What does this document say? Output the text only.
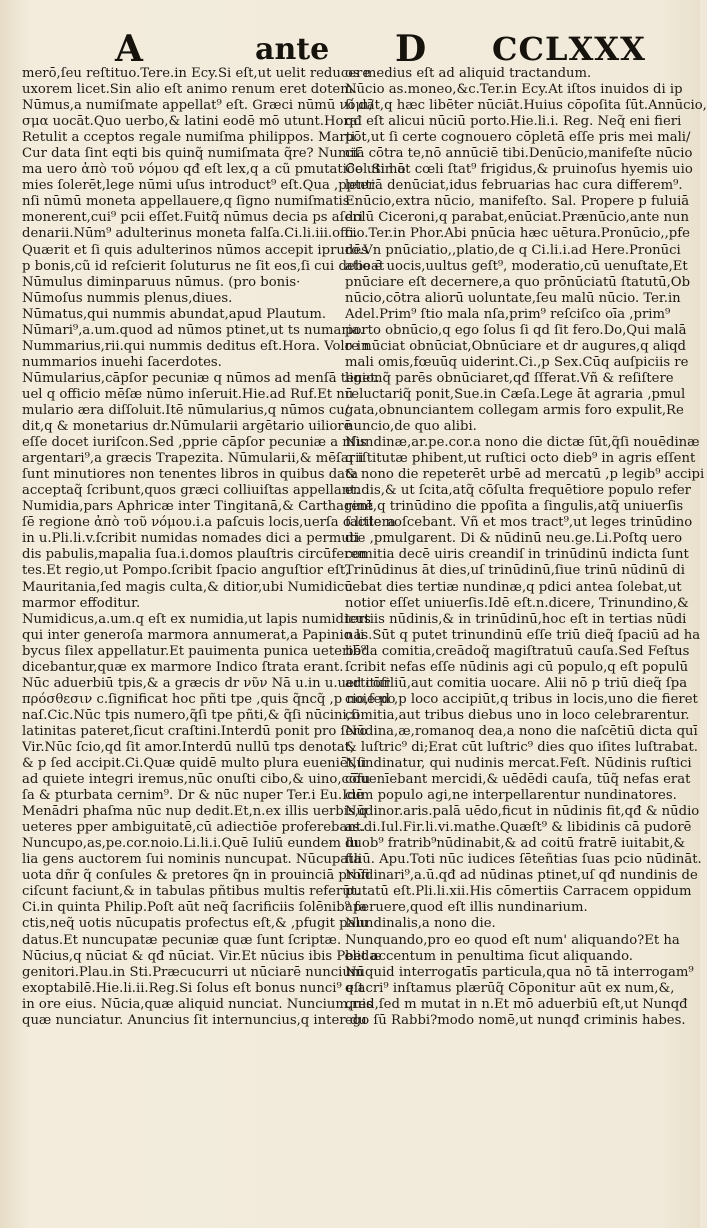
A	ante D CCLXXX
merō,ſeu reſtituo.Tere.in Ecy.Si eſt,ut uelit reducere
uxorem licet.Sin alio eſt animo renum eret dotem.
Nūmus,a numiſmate appellat⁹ eſt. Græci nūmū νόμι/
σμα uocāt.Quo uerbo,& latini eodē mō utunt.Hora.
Retulit a cceptos regale numiſma philippos. Marti.
Cur data ſint eqti bis quinq̃ numiſmata q̃re? Numiſ
ma uero ἀπὸ τοῦ νόμου qđ eſt lex,q a cũ pmutatiōe uti ho
mies ſolerēt,lege nūmi uſus introduct⁹ eſt.Qua ,ppter
nſi nūmū moneta appellauere,q ſigno numiſmatis
monerent,cui⁹ pcii eſſet.Fuitq̃ nūmus decia ps aſeri
denarii.Nūm⁹ adulterinus moneta falſa.Ci.li.iii.offi.
Quærit et ſi quis adulterinos nūmos accepit iprudēs
p bonis,cũ id reſcierit ſoluturus ne ſit eos,ſi cui debeat
Nūmulus diminparuus nūmus. (pro bonis·
Nūmoſus nummis plenus,diues.
Nūmatus,qui nummis abundat,apud Plautum.
Nūmari⁹,a.um.quod ad nūmos ptinet,ut ts numaria.
Nummarius,rii.qui nummis deditus eſt.Hora. Volo in
nummarios inuehi ſacerdotes.
Nūmularius,cāpſor pecuniæ q nūmos ad menſā tenet.
uel q officio mēſæ nūmo inſeruit.Hie.ad Ruf.Et nū
mulario æra diſſoluit.Itē nūmularius,q nūmos cu/
dit,q & monetarius dr.Nūmularii argētario uiliorē
eſſe docet iuriſcon.Sed ,pprie cāpſor pecuniæ a nſis
argentari⁹,a græcis Trapezita. Nūmularii,& mēſarii
ſunt minutiores non tenentes libros in quibus data
acceptaq̃ ſcribunt,quos græci colliuiſtas appellant.
Numidia,pars Aphricæ inter Tingitanā,& Carthaginē
ſē regione ἀπὸ τοῦ νόμου.i.a paſcuis locis,uerſa o.littera
in u.Pli.li.v.ſcribit numidas nomades dici a permuti
dis pabulis,mapalia ſua.i.domos plauſtris circūferen
tes.Et regio,ut Pompo.ſcribit ſpacio anguſtior eſt,
Mauritania,ſed magis culta,& ditior,ubi Numidicū
marmor effoditur.
Numidicus,a.um.q eſt ex numidia,ut lapis numidicus
qui inter generoſa marmora annumerat,a Papinio li
bycus ſilex appellatur.Et pauimenta punica ueterib⁹
dicebantur,quæ ex marmore Indico ſtrata erant.
Nūc aduerbiū tpis,& a græcis dr νῦν Nā u.in u.uertitur
πρόσθεσιν c.ſignificat hoc pñti tpe ,quis q̃ncq̃ ,p noie po
naſ.Cic.Nūc tpis numero,q̃ſi tpe pñti,& q̃ſi nūcini,ſi
latinitas pateret,ſicut craſtini.Interdū ponit pro ſero
Vir.Nūc ſcio,qd ſit amor.Interdū nullū tps denotat,
& p ſed accipit.Ci.Quæ quidē multo plura eueniēt,ſi
ad quiete integri iremus,nūc onuſti cibo,& uino,cōfu
ſa & pturbata cernim⁹. Dr & nūc nuper Ter.i Eu.Idē
Menādri phaſma nūc nup dedit.Et,n.ex illis uerbis,q
ueteres pper ambiguitatē,cū adiectiōe proferebant.
Nuncupo,as,pe.cor.noio.Li.li.i.Quē Iuliū eundem Iu
lia gens auctorem ſui nominis nuncupat. Nūcupata
uota dñr q̃ conſules & pretores q̃n in prouinciā profi
ciſcunt faciunt,& in tabulas pñtibus multis referūt.
Ci.in quinta Philip.Poſt aūt neq̃ ſacrificiis ſolēnib⁹ fa
ctis,neq̃ uotis nūcupatis profectus eſt,& ,pfugit palu
datus.Et nuncupatæ pecuniæ quæ ſunt ſcriptæ.
Nūcius,q nūciat & qđ nūciat. Vir.Et nūcius ibis Pelidæ
genitori.Plau.in Sti.Præcucurri ut nūciarē nuncium
exoptabilē.Hie.li.ii.Reg.Si ſolus eſt bonus nunci⁹ eſt
in ore eius. Nūcia,quæ aliquid nunciat. Nuncium,res
quæ nunciatur. Anuncius ſit internuncius,q inter du
os medius eſt ad aliquid tractandum.
Nūcio as.moneo,&c.Ter.in Ecy.At iſtos inuidos di ip
ſi dāt,q hæc libēter nūciāt.Huius cōpoſita ſūt.Annūcio,
qđ eſt alicui nūciū porto.Hie.li.i. Reg. Neq̃ eni fieri
pōt,ut ſi certe cognouero cōpletā eſſe pris mei mali/
ciā cōtra te,nō annūciē tibi.Denūcio,manifeſte nūcio
Col.Sin āt cœli ſtat⁹ frigidus,& pruinoſus hyemis uio
lentiā denūciat,idus februarias hac cura differem⁹.
Enūcio,extra nūcio, manifeſto. Sal. Propere p fuluiā
dolū Ciceroni,q parabat,enūciat.Prænūcio,ante nun
cio.Ter.in Phor.Abi pnūcia hæc uētura.Pronūcio,,pfe
ro.Vn pnūciatio,,platio,de q Ci.li.i.ad Here.Pronūci
atio ē uocis,uultus geſt⁹, moderatio,cū uenuſtate,Et
pnūciare eſt decernere,a quo prōnūciatū ſtatutū,Ob
nūcio,cōtra aliorū uoluntate,ſeu malū nūcio. Ter.in
Adel.Prim⁹ ſtio mala nſa,prim⁹ reſciſco oīa ,prim⁹
porto obnūcio,q ego ſolus ſi qd ſit fero.Do,Qui malā
re nūciat obnūciat,Obnūciare et dr augures,q aliqd
mali omis,fœuūq uiderint.Ci.,p Sex.Cūq auſpiciis re
ligionq̃ parēs obnūciaret,qđ ſſferat.Vñ & reſiſtere
reluctariq̃ ponit,Sue.in Cæſa.Lege āt agraria ,pmul
gata,obnunciantem collegam armis foro expulit,Re
nuncio,de quo alibi.
Nundinæ,ar.pe.cor.a nono die dictæ ſūt,q̃ſi nouēdinæ
q iſtitutæ phibent,ut ruſtici octo dieb⁹ in agris eſſent
& nono die repeterēt urbē ad mercatū ,p legib⁹ accipi
endis,& ut ſcita,atq̃ cōſulta frequētiore populo refer
rent,q trinūdino die ppoſita a ſingulis,atq̃ uniuerſis
facile noſcebant. Vñ et mos tract⁹,ut leges trinūdino
die ,pmulgarent. Di & nūdinū neu.ge.Li.Poſtq uero
comitia decē uiris creandiſ in trinūdinū indicta ſunt
Trinūdinus āt dies,uſ trinūdinū,ſiue trinū nūdinū di
cebat dies tertiæ nundinæ,q pdici antea ſolebat,ut
notior eſſet uniuerſis.Idē eſt.n.dicere, Trinundino,&
tertiis nūdinis,& in trinūdinū,hoc eſt in tertias nūdi
nas.Sūt q putet trinundinū eſſe triū dieq̃ ſpaciū ad ha
bēda comitia,creādoq̃ magiſtratuū cauſa.Sed Feſtus
ſcribit nefas eſſe nūdinis agi cū populo,q eſt populū
ad cōſiliū,aut comitia uocare. Alii nō p triū dieq̃ ſpa
cio,ſed ,p loco accipiūt,q tribus in locis,uno die fieret
comitia,aut tribus diebus uno in loco celebrarentur.
Nūdina,æ,romanoq dea,a nono die naſcētiū dicta quī
& luſtric⁹ di;Erat cūt luſtric⁹ dies quo iſites luſtrabat.
Nundinatur, qui nudinis mercat.Feſt. Nūdinis ruſtici
cōuenīebant mercidi,& uēdēdi cauſa, tūq̃ nefas erat
cum populo agi,ne interpellarentur nundinatores.
Nūdinor.aris.palā uēdo,ficut in nūdinis fit,qđ & nūdio
as.di.Iul.Fir.li.vi.mathe.Quæſt⁹ & libidinis cā pudorē
duob⁹ fratrib⁹nūdinabit,& ad coitū fratrē iuitabit,&
filiū. Apu.Toti nūc iudices ſēteñtias ſuas pcio nūdināt.
Nūdinari⁹,a.ū.qđ ad nūdinas ptinet,uſ qđ nundinis de
putatū eſt.Pli.li.xii.His cōmertiis Carracem oppidum
aperuere,quod eſt illis nundinarium.
Nundinalis,a nono die.
Nunquando,pro eo quod eſt num' aliquando?Et ha
bet accentum in penultima ſicut aliquando.
Nūquid interrogatīs particula,qua nō tā interrogam⁹
q acri⁹ inſtamus plærūq̃ Cōponitur aūt ex num,&,
quid,ſed m mutat in n.Et mō aduerbiū eſt,ut Nunqđ
ego ſū Rabbi?modo nomē,ut nunqđ criminis habes.
